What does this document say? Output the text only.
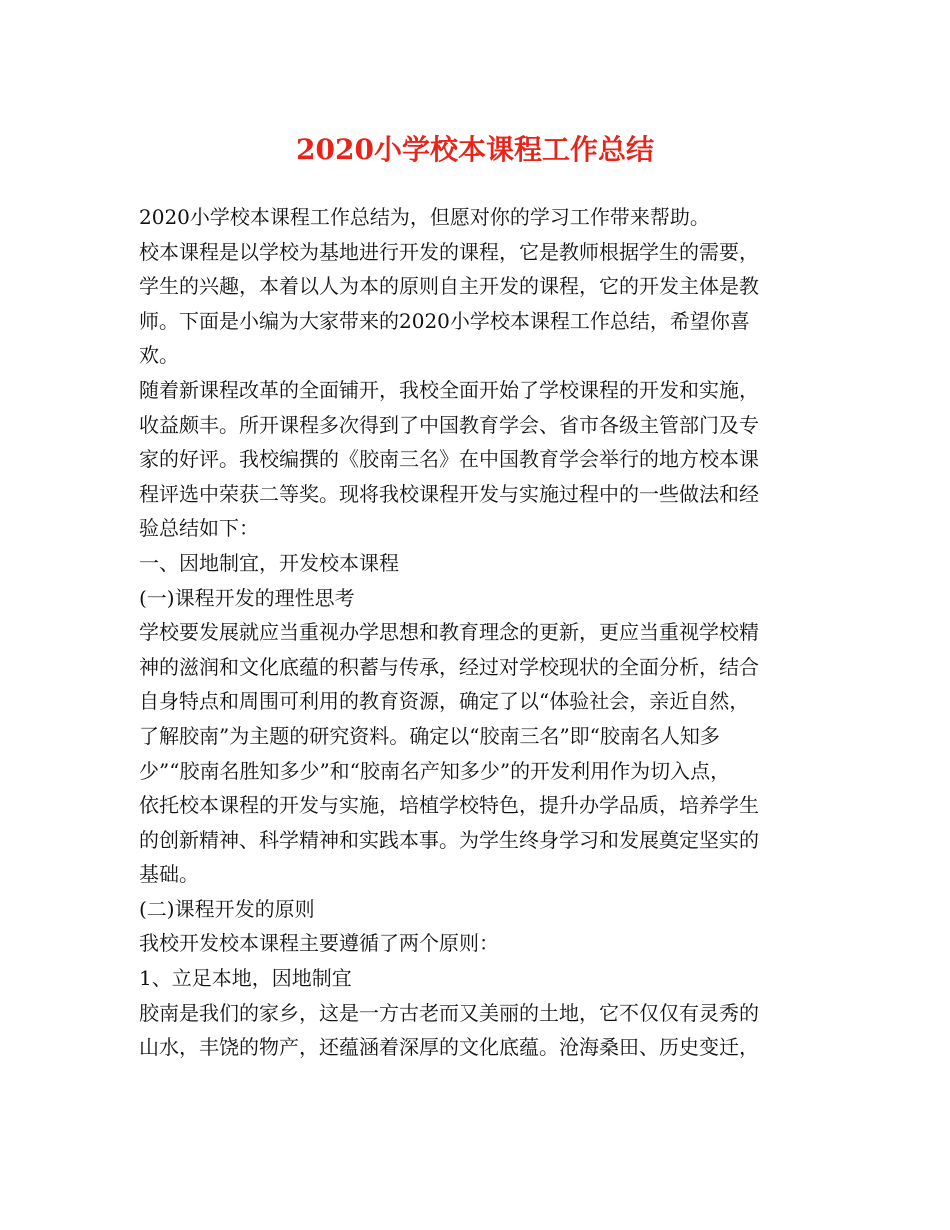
2020小学校本课程工作总结
2020小学校本课程工作总结为，但愿对你的学习工作带来帮助。
校本课程是以学校为基地进行开发的课程，它是教师根据学生的需要，
学生的兴趣，本着以人为本的原则自主开发的课程，它的开发主体是教
师。下面是小编为大家带来的2020小学校本课程工作总结，希望你喜
欢。
随着新课程改革的全面铺开，我校全面开始了学校课程的开发和实施，
收益颇丰。所开课程多次得到了中国教育学会、省市各级主管部门及专
家的好评。我校编撰的《胶南三名》在中国教育学会举行的地方校本课
程评选中荣获二等奖。现将我校课程开发与实施过程中的一些做法和经
验总结如下：
一、因地制宜，开发校本课程
(一)课程开发的理性思考
学校要发展就应当重视办学思想和教育理念的更新，更应当重视学校精
神的滋润和文化底蕴的积蓄与传承，经过对学校现状的全面分析，结合
自身特点和周围可利用的教育资源，确定了以“体验社会，亲近自然，
了解胶南”为主题的研究资料。确定以“胶南三名”即“胶南名人知多
少”“胶南名胜知多少”和“胶南名产知多少”的开发利用作为切入点，
依托校本课程的开发与实施，培植学校特色，提升办学品质，培养学生
的创新精神、科学精神和实践本事。为学生终身学习和发展奠定坚实的
基础。
(二)课程开发的原则
我校开发校本课程主要遵循了两个原则：
1、立足本地，因地制宜
胶南是我们的家乡，这是一方古老而又美丽的土地，它不仅仅有灵秀的
山水，丰饶的物产，还蕴涵着深厚的文化底蕴。沧海桑田、历史变迁，
